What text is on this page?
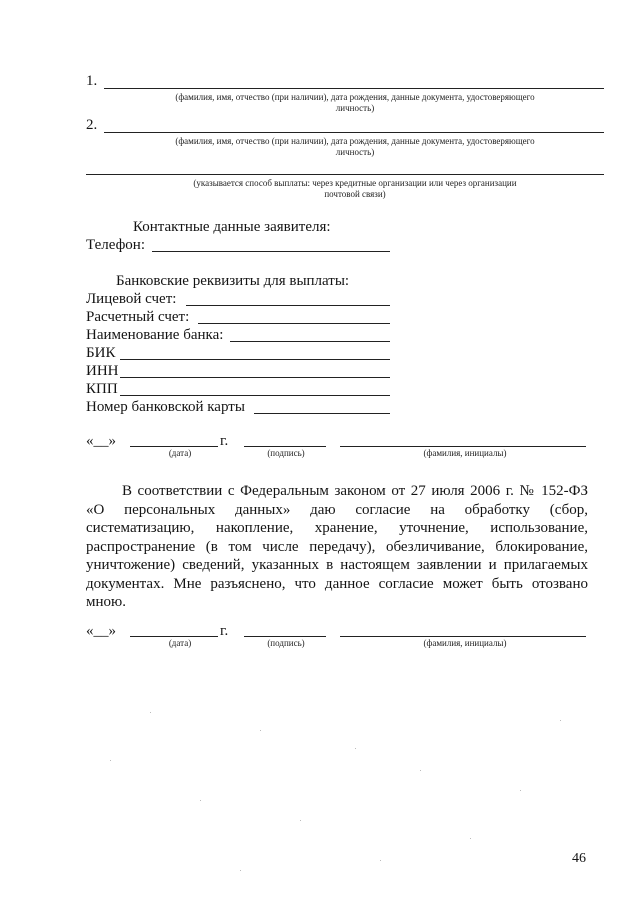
1.
(фамилия, имя, отчество (при наличии), дата рождения, данные документа, удостоверяющего личность)
2.
(фамилия, имя, отчество (при наличии), дата рождения, данные документа, удостоверяющего личность)
(указывается способ выплаты: через кредитные организации или через организации почтовой связи)
Контактные данные заявителя:
Телефон:
Банковские реквизиты для выплаты:
Лицевой счет:
Расчетный счет:
Наименование банка:
БИК
ИНН
КПП
Номер банковской карты
«__»	г.
(дата)	(подпись)	(фамилия, инициалы)
В соответствии с Федеральным законом от 27 июля 2006 г. № 152-ФЗ «О персональных данных» даю согласие на обработку (сбор, систематизацию, накопление, хранение, уточнение, использование, распространение (в том числе передачу), обезличивание, блокирование, уничтожение) сведений, указанных в настоящем заявлении и прилагаемых документах. Мне разъяснено, что данное согласие может быть отозвано мною.
«__»	г.
(дата)	(подпись)	(фамилия, инициалы)
46
